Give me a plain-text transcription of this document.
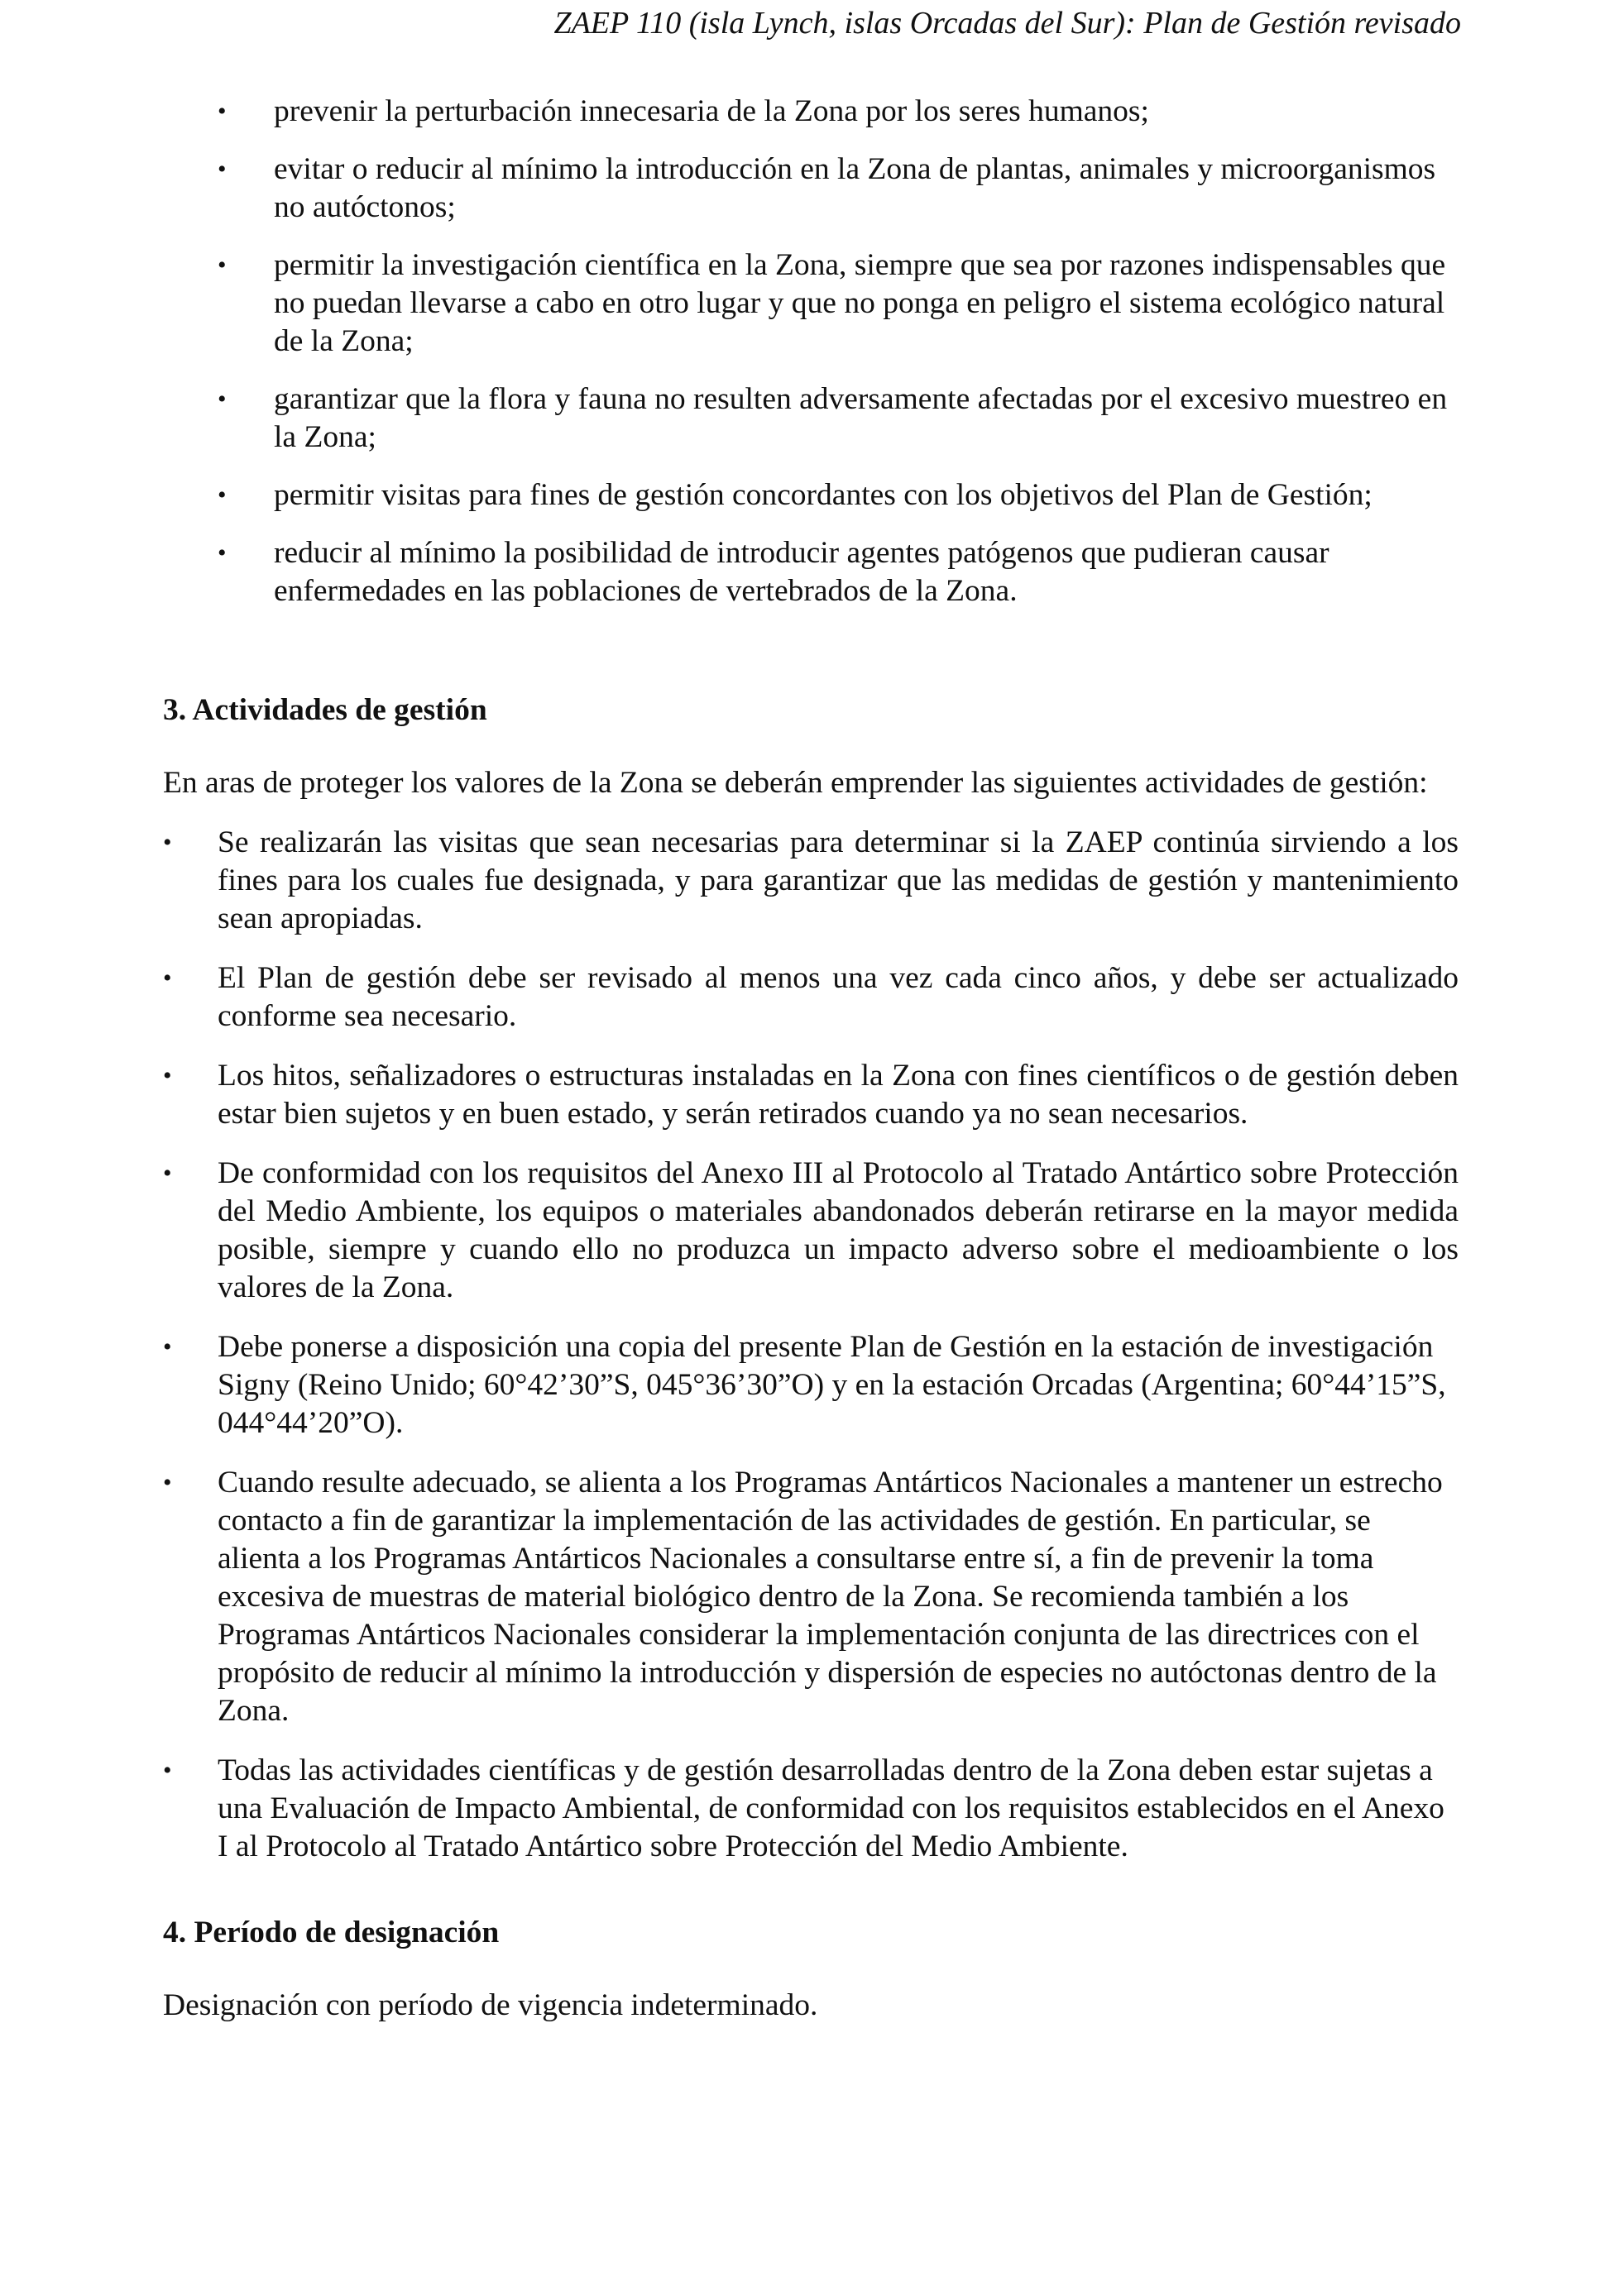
ZAEP 110 (isla Lynch, islas Orcadas del Sur): Plan de Gestión revisado
• prevenir la perturbación innecesaria de la Zona por los seres humanos;
• evitar o reducir al mínimo la introducción en la Zona de plantas, animales y microorganismos no autóctonos;
• permitir la investigación científica en la Zona, siempre que sea por razones indispensables que no puedan llevarse a cabo en otro lugar y que no ponga en peligro el sistema ecológico natural de la Zona;
• garantizar que la flora y fauna no resulten adversamente afectadas por el excesivo muestreo en la Zona;
• permitir visitas para fines de gestión concordantes con los objetivos del Plan de Gestión;
• reducir al mínimo la posibilidad de introducir agentes patógenos que pudieran causar enfermedades en las poblaciones de vertebrados de la Zona.
3. Actividades de gestión

En aras de proteger los valores de la Zona se deberán emprender las siguientes actividades de gestión:

• Se realizarán las visitas que sean necesarias para determinar si la ZAEP continúa sirviendo a los fines para los cuales fue designada, y para garantizar que las medidas de gestión y mantenimiento sean apropiadas.
• El Plan de gestión debe ser revisado al menos una vez cada cinco años, y debe ser actualizado conforme sea necesario.
• Los hitos, señalizadores o estructuras instaladas en la Zona con fines científicos o de gestión deben estar bien sujetos y en buen estado, y serán retirados cuando ya no sean necesarios.
• De conformidad con los requisitos del Anexo III al Protocolo al Tratado Antártico sobre Protección del Medio Ambiente, los equipos o materiales abandonados deberán retirarse en la mayor medida posible, siempre y cuando ello no produzca un impacto adverso sobre el medioambiente o los valores de la Zona.
• Debe ponerse a disposición una copia del presente Plan de Gestión en la estación de investigación Signy (Reino Unido; 60°42’30”S, 045°36’30”O) y en la estación Orcadas (Argentina; 60°44’15”S, 044°44’20”O).
• Cuando resulte adecuado, se alienta a los Programas Antárticos Nacionales a mantener un estrecho contacto a fin de garantizar la implementación de las actividades de gestión. En particular, se alienta a los Programas Antárticos Nacionales a consultarse entre sí, a fin de prevenir la toma excesiva de muestras de material biológico dentro de la Zona. Se recomienda también a los Programas Antárticos Nacionales considerar la implementación conjunta de las directrices con el propósito de reducir al mínimo la introducción y dispersión de especies no autóctonas dentro de la Zona.
• Todas las actividades científicas y de gestión desarrolladas dentro de la Zona deben estar sujetas a una Evaluación de Impacto Ambiental, de conformidad con los requisitos establecidos en el Anexo I al Protocolo al Tratado Antártico sobre Protección del Medio Ambiente.
4. Período de designación

Designación con período de vigencia indeterminado.
